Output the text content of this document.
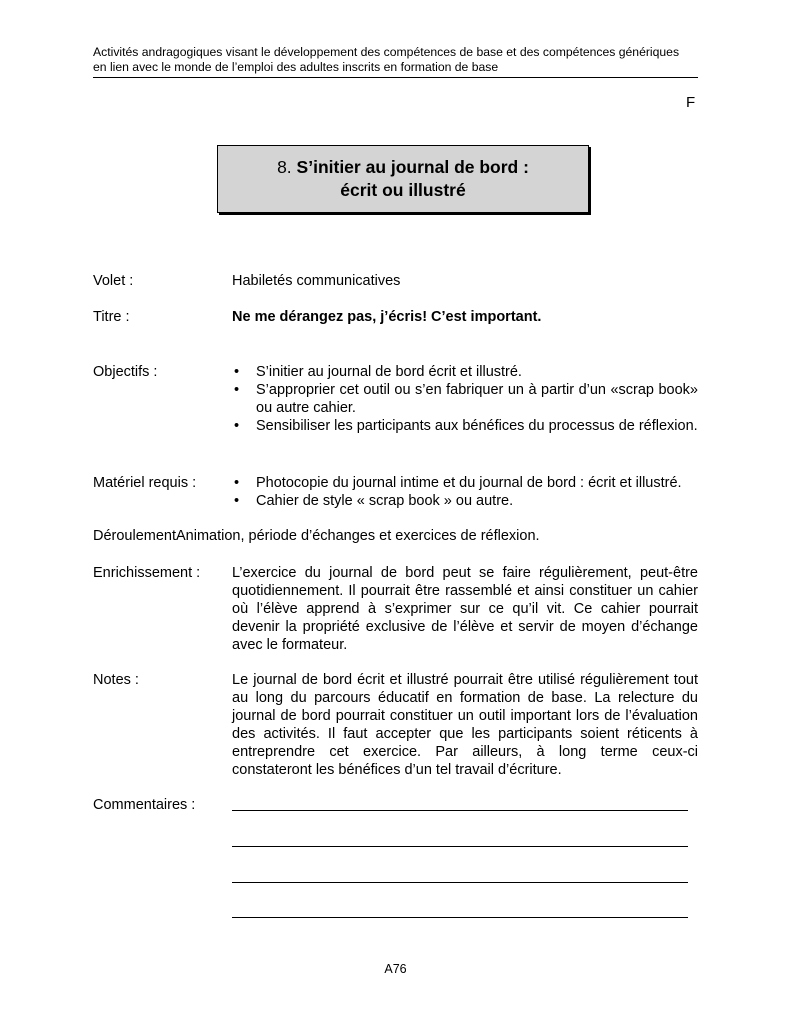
Activités andragogiques visant le développement des compétences de base et des compétences génériques
en lien avec le monde de l’emploi des adultes inscrits en formation de base
F
8. S’initier au journal de bord :
écrit ou illustré
Volet :	Habiletés communicatives
Titre :	Ne me dérangez pas, j’écris! C’est important.
Objectifs :	• S’initier au journal de bord écrit et illustré.
• S’approprier cet outil ou s’en fabriquer un à partir d’un «scrap book» ou autre cahier.
• Sensibiliser les participants aux bénéfices du processus de réflexion.
Matériel requis :	• Photocopie du journal intime et du journal de bord : écrit et illustré.
• Cahier de style « scrap book » ou autre.
DéroulementAnimation, période d’échanges et exercices de réflexion.
Enrichissement : L’exercice du journal de bord peut se faire régulièrement, peut-être quotidiennement. Il pourrait être rassemblé et ainsi constituer un cahier où l’élève apprend à s’exprimer sur ce qu’il vit. Ce cahier pourrait devenir la propriété exclusive de l’élève et servir de moyen d’échange avec le formateur.
Notes :	Le journal de bord écrit et illustré pourrait être utilisé régulièrement tout au long du parcours éducatif en formation de base. La relecture du journal de bord pourrait constituer un outil important lors de l’évaluation des activités. Il faut accepter que les participants soient réticents à entreprendre cet exercice. Par ailleurs, à long terme ceux-ci constateront les bénéfices d’un tel travail d’écriture.
Commentaires :
A76
